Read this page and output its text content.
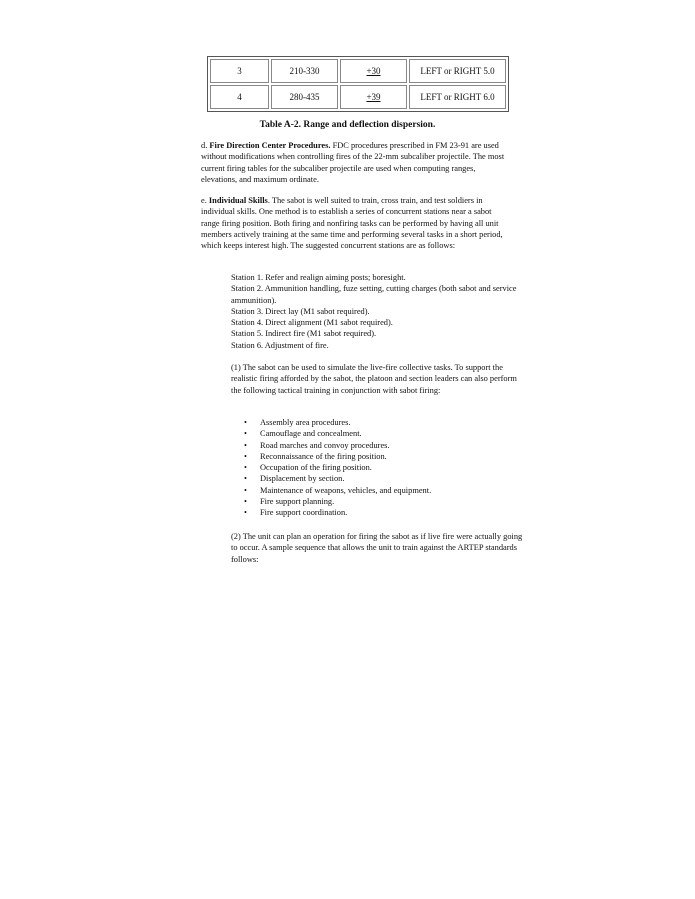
3	210-330	+30	LEFT or RIGHT 5.0
4	280-435	+39	LEFT or RIGHT 6.0
Table A-2. Range and deflection dispersion.

d. Fire Direction Center Procedures. FDC procedures prescribed in FM 23-91 are used without modifications when controlling fires of the 22-mm subcaliber projectile. The most current firing tables for the subcaliber projectile are used when computing ranges, elevations, and maximum ordinate.

e. Individual Skills. The sabot is well suited to train, cross train, and test soldiers in individual skills. One method is to establish a series of concurrent stations near a sabot range firing position. Both firing and nonfiring tasks can be performed by having all unit members actively training at the same time and performing several tasks in a short period, which keeps interest high. The suggested concurrent stations are as follows:

Station 1. Refer and realign aiming posts; boresight.
Station 2. Ammunition handling, fuze setting, cutting charges (both sabot and service ammunition).
Station 3. Direct lay (M1 sabot required).
Station 4. Direct alignment (M1 sabot required).
Station 5. Indirect fire (M1 sabot required).
Station 6. Adjustment of fire.

(1) The sabot can be used to simulate the live-fire collective tasks. To support the realistic firing afforded by the sabot, the platoon and section leaders can also perform the following tactical training in conjunction with sabot firing:

• Assembly area procedures.
• Camouflage and concealment.
• Road marches and convoy procedures.
• Reconnaissance of the firing position.
• Occupation of the firing position.
• Displacement by section.
• Maintenance of weapons, vehicles, and equipment.
• Fire support planning.
• Fire support coordination.

(2) The unit can plan an operation for firing the sabot as if live fire were actually going to occur. A sample sequence that allows the unit to train against the ARTEP standards follows:
